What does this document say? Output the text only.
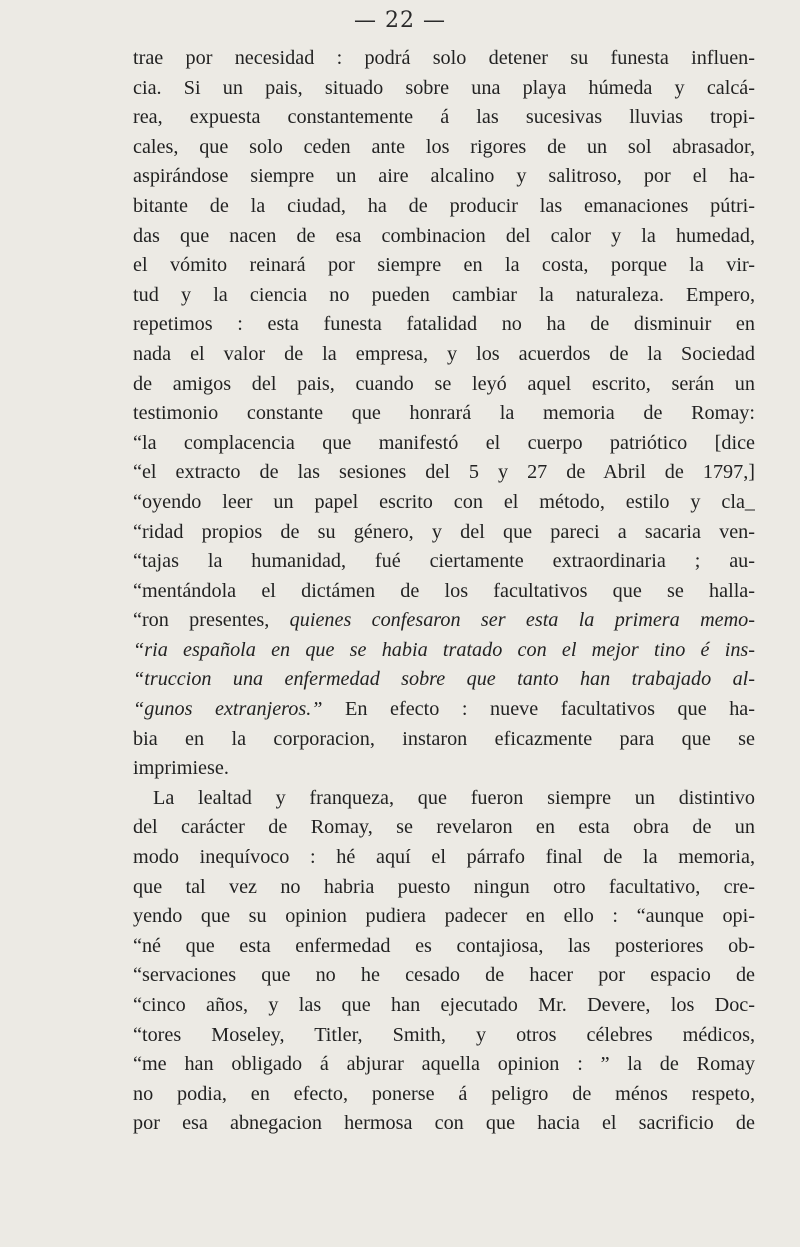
— 22 —
trae por necesidad : podrá solo detener su funesta influen-
cia. Si un pais, situado sobre una playa húmeda y calcá-
rea, expuesta constantemente á las sucesivas lluvias tropi-
cales, que solo ceden ante los rigores de un sol abrasador,
aspirándose siempre un aire alcalino y salitroso, por el ha-
bitante de la ciudad, ha de producir las emanaciones pútri-
das que nacen de esa combinacion del calor y la humedad,
el vómito reinará por siempre en la costa, porque la vir-
tud y la ciencia no pueden cambiar la naturaleza. Empero,
repetimos : esta funesta fatalidad no ha de disminuir en
nada el valor de la empresa, y los acuerdos de la Sociedad
de amigos del pais, cuando se leyó aquel escrito, serán un
testimonio constante que honrará la memoria de Romay:
“la complacencia que manifestó el cuerpo patriótico [dice
“el extracto de las sesiones del 5 y 27 de Abril de 1797,]
“oyendo leer un papel escrito con el método, estilo y cla_
“ridad propios de su género, y del que pareci a sacaria ven-
“tajas la humanidad, fué ciertamente extraordinaria ; au-
“mentándola el dictámen de los facultativos que se halla-
“ron presentes, quienes confesaron ser esta la primera memo-
“ria española en que se habia tratado con el mejor tino é ins-
“truccion una enfermedad sobre que tanto han trabajado al-
“gunos extranjeros.” En efecto : nueve facultativos que ha-
bia en la corporacion, instaron eficazmente para que se
imprimiese.
La lealtad y franqueza, que fueron siempre un distintivo
del carácter de Romay, se revelaron en esta obra de un
modo inequívoco : hé aquí el párrafo final de la memoria,
que tal vez no habria puesto ningun otro facultativo, cre-
yendo que su opinion pudiera padecer en ello : “aunque opi-
“né que esta enfermedad es contajiosa, las posteriores ob-
“servaciones que no he cesado de hacer por espacio de
“cinco años, y las que han ejecutado Mr. Devere, los Doc-
“tores Moseley, Titler, Smith, y otros célebres médicos,
“me han obligado á abjurar aquella opinion : ” la de Romay
no podia, en efecto, ponerse á peligro de ménos respeto,
por esa abnegacion hermosa con que hacia el sacrificio de
